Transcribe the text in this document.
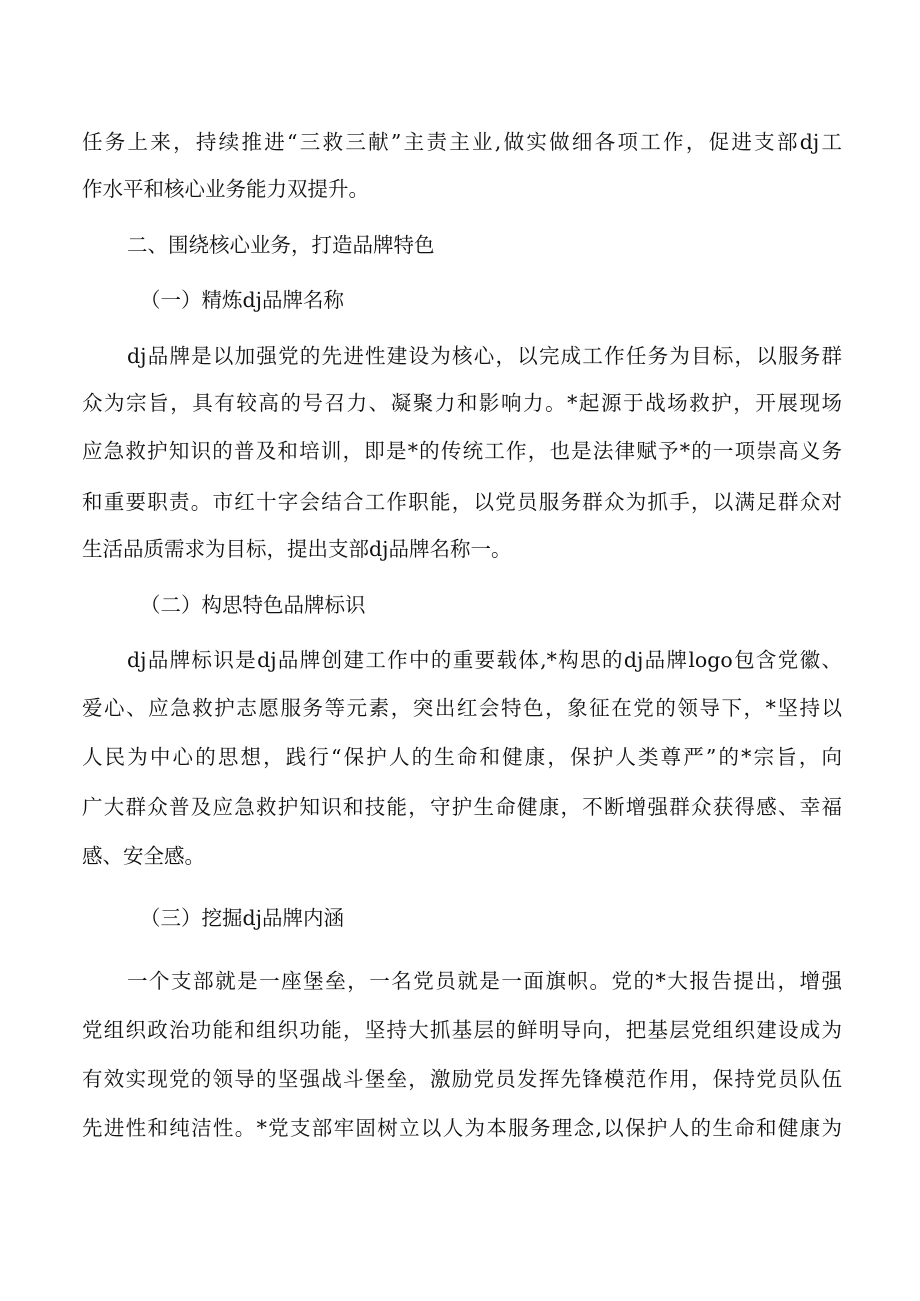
任务上来，持续推进“三救三献”主责主业,做实做细各项工作，促进支部dj工
作水平和核心业务能力双提升。
二、围绕核心业务，打造品牌特色
（一）精炼dj品牌名称
dj品牌是以加强党的先进性建设为核心，以完成工作任务为目标，以服务群
众为宗旨，具有较高的号召力、凝聚力和影响力。*起源于战场救护，开展现场
应急救护知识的普及和培训，即是*的传统工作，也是法律赋予*的一项崇高义务
和重要职责。市红十字会结合工作职能，以党员服务群众为抓手，以满足群众对
生活品质需求为目标，提出支部dj品牌名称一。
（二）构思特色品牌标识
dj品牌标识是dj品牌创建工作中的重要载体,*构思的dj品牌logo包含党徽、
爱心、应急救护志愿服务等元素，突出红会特色，象征在党的领导下，*坚持以
人民为中心的思想，践行“保护人的生命和健康，保护人类尊严”的*宗旨，向
广大群众普及应急救护知识和技能，守护生命健康，不断增强群众获得感、幸福
感、安全感。
（三）挖掘dj品牌内涵
一个支部就是一座堡垒，一名党员就是一面旗帜。党的*大报告提出，增强
党组织政治功能和组织功能，坚持大抓基层的鲜明导向，把基层党组织建设成为
有效实现党的领导的坚强战斗堡垒，激励党员发挥先锋模范作用，保持党员队伍
先进性和纯洁性。*党支部牢固树立以人为本服务理念,以保护人的生命和健康为
